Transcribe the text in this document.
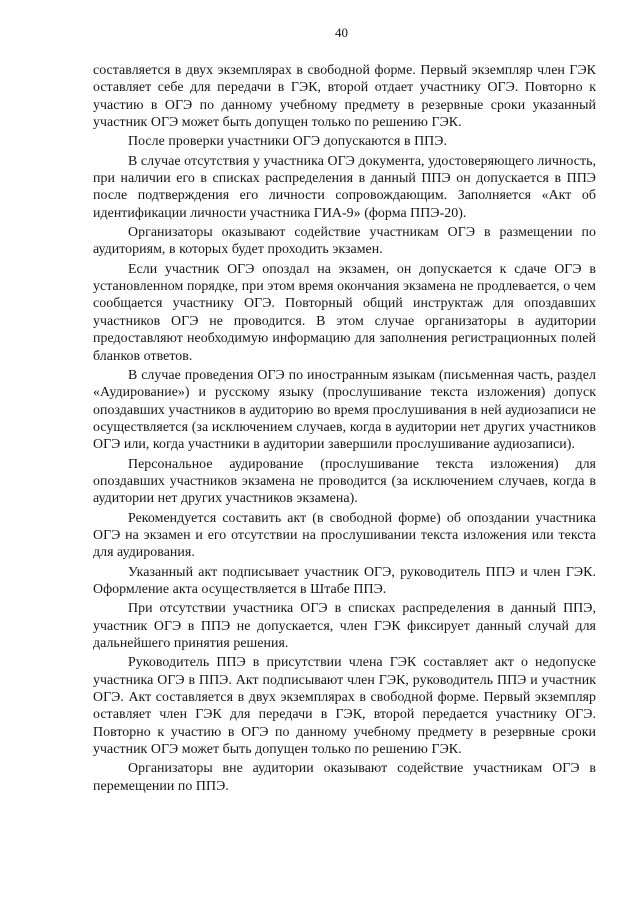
40

составляется в двух экземплярах в свободной форме. Первый экземпляр член ГЭК оставляет себе для передачи в ГЭК, второй отдает участнику ОГЭ. Повторно к участию в ОГЭ по данному учебному предмету в резервные сроки указанный участник ОГЭ может быть допущен только по решению ГЭК.

После проверки участники ОГЭ допускаются в ППЭ.

В случае отсутствия у участника ОГЭ документа, удостоверяющего личность, при наличии его в списках распределения в данный ППЭ он допускается в ППЭ после подтверждения его личности сопровождающим. Заполняется «Акт об идентификации личности участника ГИА-9» (форма ППЭ-20).

Организаторы оказывают содействие участникам ОГЭ в размещении по аудиториям, в которых будет проходить экзамен.

Если участник ОГЭ опоздал на экзамен, он допускается к сдаче ОГЭ в установленном порядке, при этом время окончания экзамена не продлевается, о чем сообщается участнику ОГЭ. Повторный общий инструктаж для опоздавших участников ОГЭ не проводится. В этом случае организаторы в аудитории предоставляют необходимую информацию для заполнения регистрационных полей бланков ответов.

В случае проведения ОГЭ по иностранным языкам (письменная часть, раздел «Аудирование») и русскому языку (прослушивание текста изложения) допуск опоздавших участников в аудиторию во время прослушивания в ней аудиозаписи не осуществляется (за исключением случаев, когда в аудитории нет других участников ОГЭ или, когда участники в аудитории завершили прослушивание аудиозаписи).

Персональное аудирование (прослушивание текста изложения) для опоздавших участников экзамена не проводится (за исключением случаев, когда в аудитории нет других участников экзамена).

Рекомендуется составить акт (в свободной форме) об опоздании участника ОГЭ на экзамен и его отсутствии на прослушивании текста изложения или текста для аудирования.

Указанный акт подписывает участник ОГЭ, руководитель ППЭ и член ГЭК. Оформление акта осуществляется в Штабе ППЭ.

При отсутствии участника ОГЭ в списках распределения в данный ППЭ, участник ОГЭ в ППЭ не допускается, член ГЭК фиксирует данный случай для дальнейшего принятия решения.

Руководитель ППЭ в присутствии члена ГЭК составляет акт о недопуске участника ОГЭ в ППЭ. Акт подписывают член ГЭК, руководитель ППЭ и участник ОГЭ. Акт составляется в двух экземплярах в свободной форме. Первый экземпляр оставляет член ГЭК для передачи в ГЭК, второй передается участнику ОГЭ. Повторно к участию в ОГЭ по данному учебному предмету в резервные сроки участник ОГЭ может быть допущен только по решению ГЭК.

Организаторы вне аудитории оказывают содействие участникам ОГЭ в перемещении по ППЭ.
